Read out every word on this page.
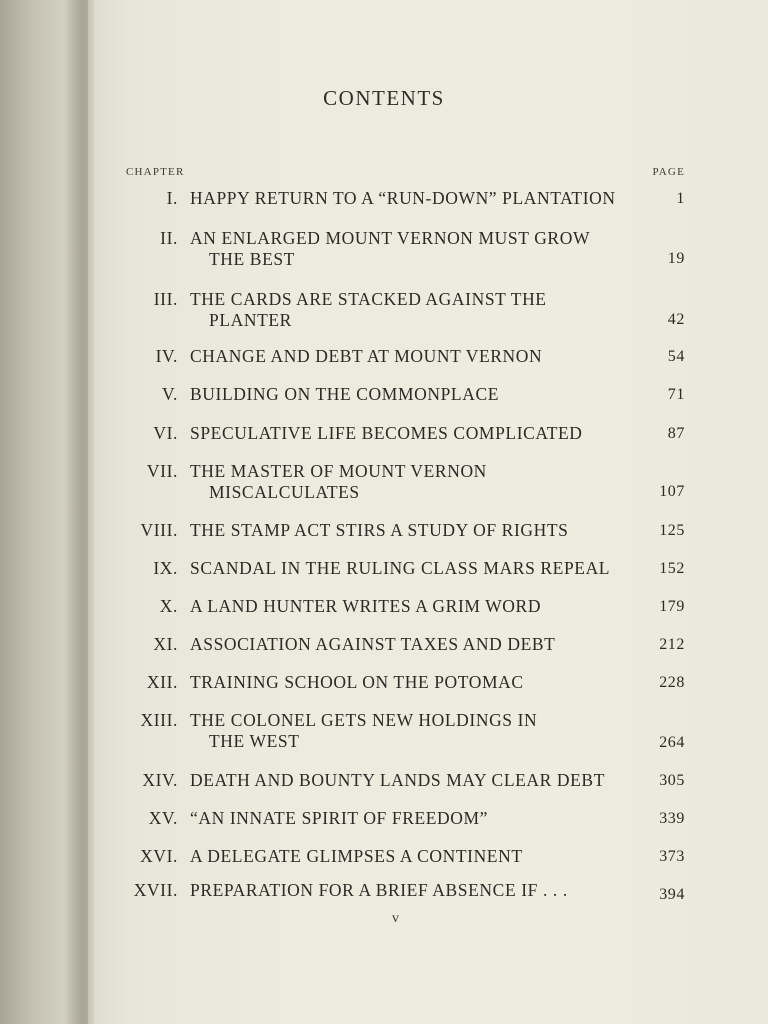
CONTENTS
CHAPTER	PAGE
I. HAPPY RETURN TO A “RUN-DOWN” PLANTATION	1
II. AN ENLARGED MOUNT VERNON MUST GROW
THE BEST	19
III. THE CARDS ARE STACKED AGAINST THE
PLANTER	42
IV. CHANGE AND DEBT AT MOUNT VERNON	54
V. BUILDING ON THE COMMONPLACE	71
VI. SPECULATIVE LIFE BECOMES COMPLICATED	87
VII. THE MASTER OF MOUNT VERNON
MISCALCULATES	107
VIII. THE STAMP ACT STIRS A STUDY OF RIGHTS	125
IX. SCANDAL IN THE RULING CLASS MARS REPEAL	152
X. A LAND HUNTER WRITES A GRIM WORD	179
XI. ASSOCIATION AGAINST TAXES AND DEBT	212
XII. TRAINING SCHOOL ON THE POTOMAC	228
XIII. THE COLONEL GETS NEW HOLDINGS IN
THE WEST	264
XIV. DEATH AND BOUNTY LANDS MAY CLEAR DEBT	305
XV. “AN INNATE SPIRIT OF FREEDOM”	339
XVI. A DELEGATE GLIMPSES A CONTINENT	373
XVII. PREPARATION FOR A BRIEF ABSENCE IF . . .	394
v
